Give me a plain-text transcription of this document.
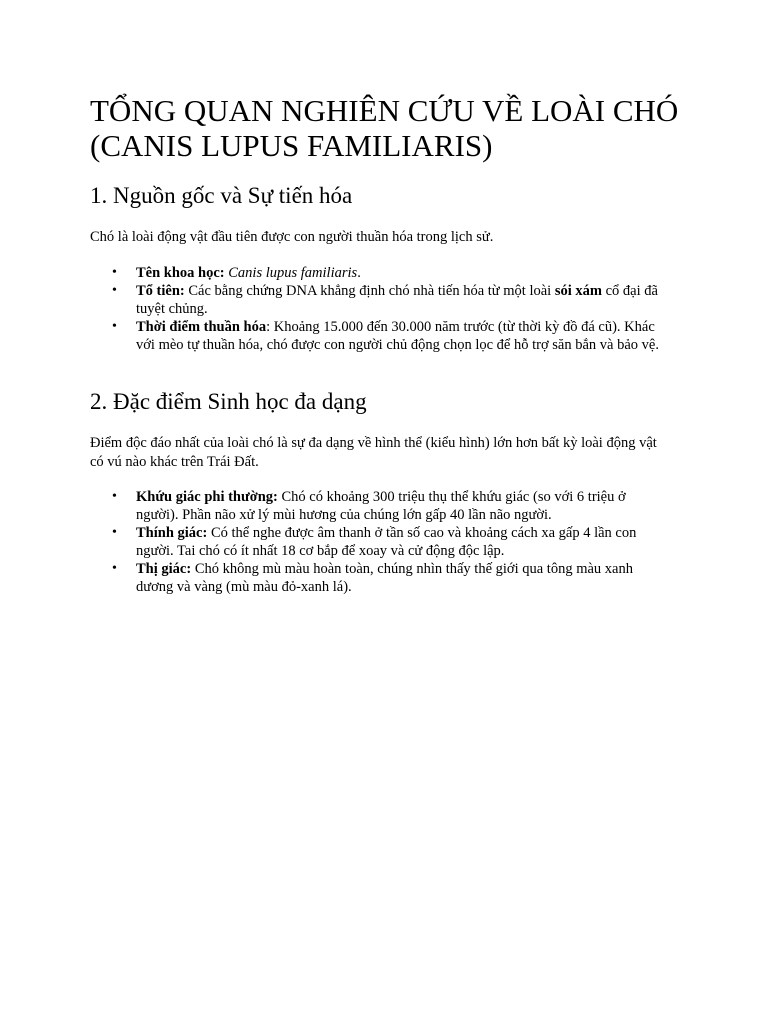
TỔNG QUAN NGHIÊN CỨU VỀ LOÀI CHÓ (CANIS LUPUS FAMILIARIS)
1. Nguồn gốc và Sự tiến hóa

Chó là loài động vật đầu tiên được con người thuần hóa trong lịch sử.

• Tên khoa học: Canis lupus familiaris.
• Tổ tiên: Các bằng chứng DNA khẳng định chó nhà tiến hóa từ một loài sói xám cổ đại đã tuyệt chủng.
• Thời điểm thuần hóa: Khoảng 15.000 đến 30.000 năm trước (từ thời kỳ đồ đá cũ). Khác với mèo tự thuần hóa, chó được con người chủ động chọn lọc để hỗ trợ săn bắn và bảo vệ.
2. Đặc điểm Sinh học đa dạng

Điểm độc đáo nhất của loài chó là sự đa dạng về hình thể (kiểu hình) lớn hơn bất kỳ loài động vật có vú nào khác trên Trái Đất.

• Khứu giác phi thường: Chó có khoảng 300 triệu thụ thể khứu giác (so với 6 triệu ở người). Phần não xử lý mùi hương của chúng lớn gấp 40 lần não người.
• Thính giác: Có thể nghe được âm thanh ở tần số cao và khoảng cách xa gấp 4 lần con người. Tai chó có ít nhất 18 cơ bắp để xoay và cử động độc lập.
• Thị giác: Chó không mù màu hoàn toàn, chúng nhìn thấy thế giới qua tông màu xanh dương và vàng (mù màu đỏ-xanh lá).
